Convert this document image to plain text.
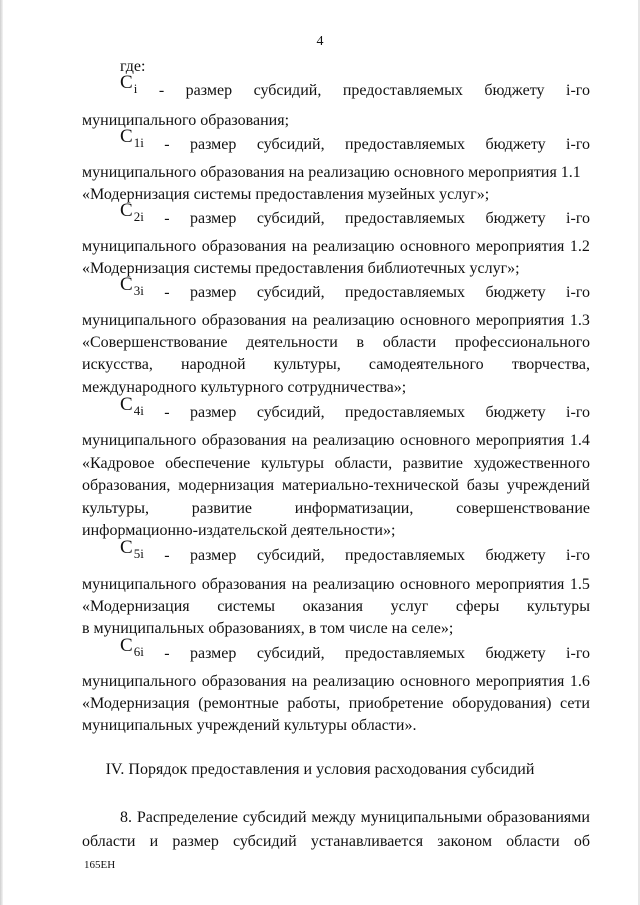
4
где:
$C_i$ - размер субсидий, предоставляемых бюджету i-го
муниципального образования;
$C_{1i}$ - размер субсидий, предоставляемых бюджету i-го
муниципального образования на реализацию основного мероприятия 1.1
«Модернизация системы предоставления музейных услуг»;
$C_{2i}$ - размер субсидий, предоставляемых бюджету i-го
муниципального образования на реализацию основного мероприятия 1.2
«Модернизация системы предоставления библиотечных услуг»;
$C_{3i}$ - размер субсидий, предоставляемых бюджету i-го
муниципального образования на реализацию основного мероприятия 1.3
«Совершенствование деятельности в области профессионального
искусства, народной культуры, самодеятельного творчества,
международного культурного сотрудничества»;
$C_{4i}$ - размер субсидий, предоставляемых бюджету i-го
муниципального образования на реализацию основного мероприятия 1.4
«Кадровое обеспечение культуры области, развитие художественного
образования, модернизация материально-технической базы учреждений
культуры,	развитие	информатизации,	совершенствование
информационно-издательской деятельности»;
$C_{5i}$ - размер субсидий, предоставляемых бюджету i-го
муниципального образования на реализацию основного мероприятия 1.5
«Модернизация системы оказания услуг сферы культуры
в муниципальных образованиях, в том числе на селе»;
$C_{6i}$ - размер субсидий, предоставляемых бюджету i-го
муниципального образования на реализацию основного мероприятия 1.6
«Модернизация (ремонтные работы, приобретение оборудования) сети
муниципальных учреждений культуры области».
IV. Порядок предоставления и условия расходования субсидий
8. Распределение субсидий между муниципальными образованиями
области и размер субсидий устанавливается законом области об
165ЕН
